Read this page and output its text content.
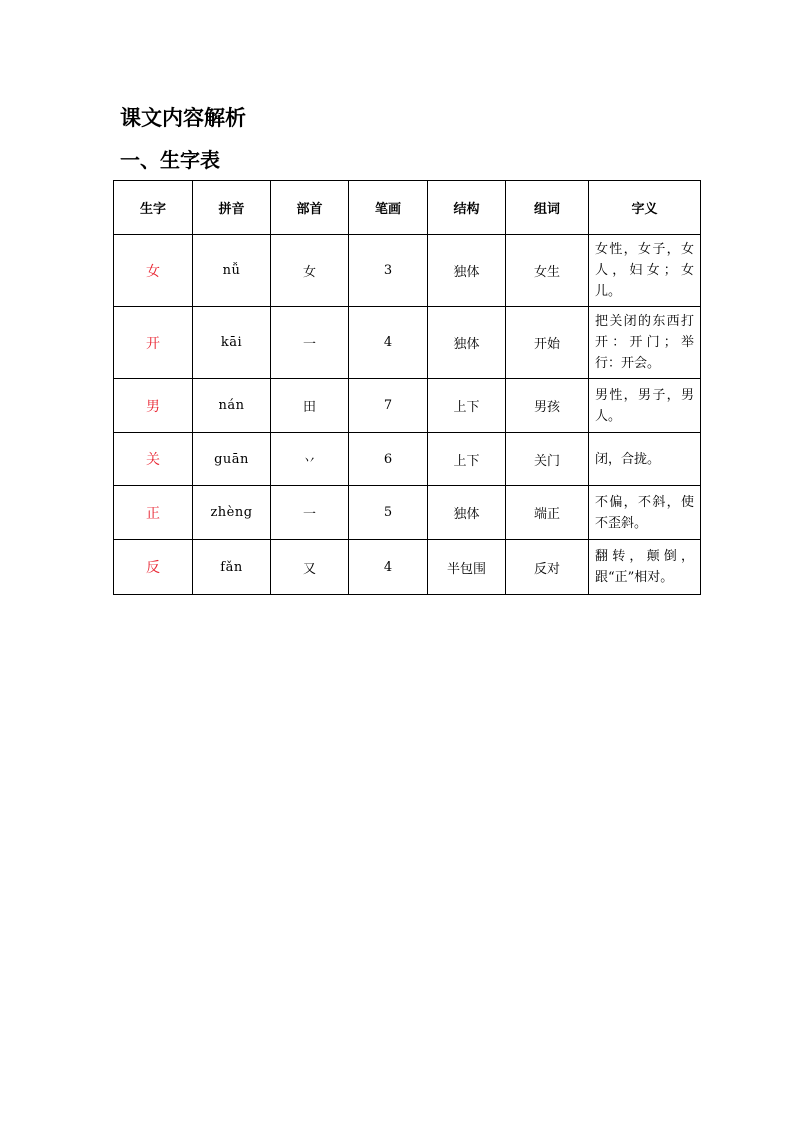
课文内容解析
一、生字表
生字	拼音	部首	笔画	结构	组词	字义
女	nǚ	女	3	独体	女生	女性，女子，女人，妇女；女儿。
开	kāi	一	4	独体	开始	把关闭的东西打开：开门；举行：开会。
男	nán	田	7	上下	男孩	男性，男子，男人。
关	guān	丷	6	上下	关门	闭，合拢。
正	zhèng	一	5	独体	端正	不偏，不斜，使不歪斜。
反	fǎn	又	4	半包围	反对	翻转，颠倒，跟“正”相对。
